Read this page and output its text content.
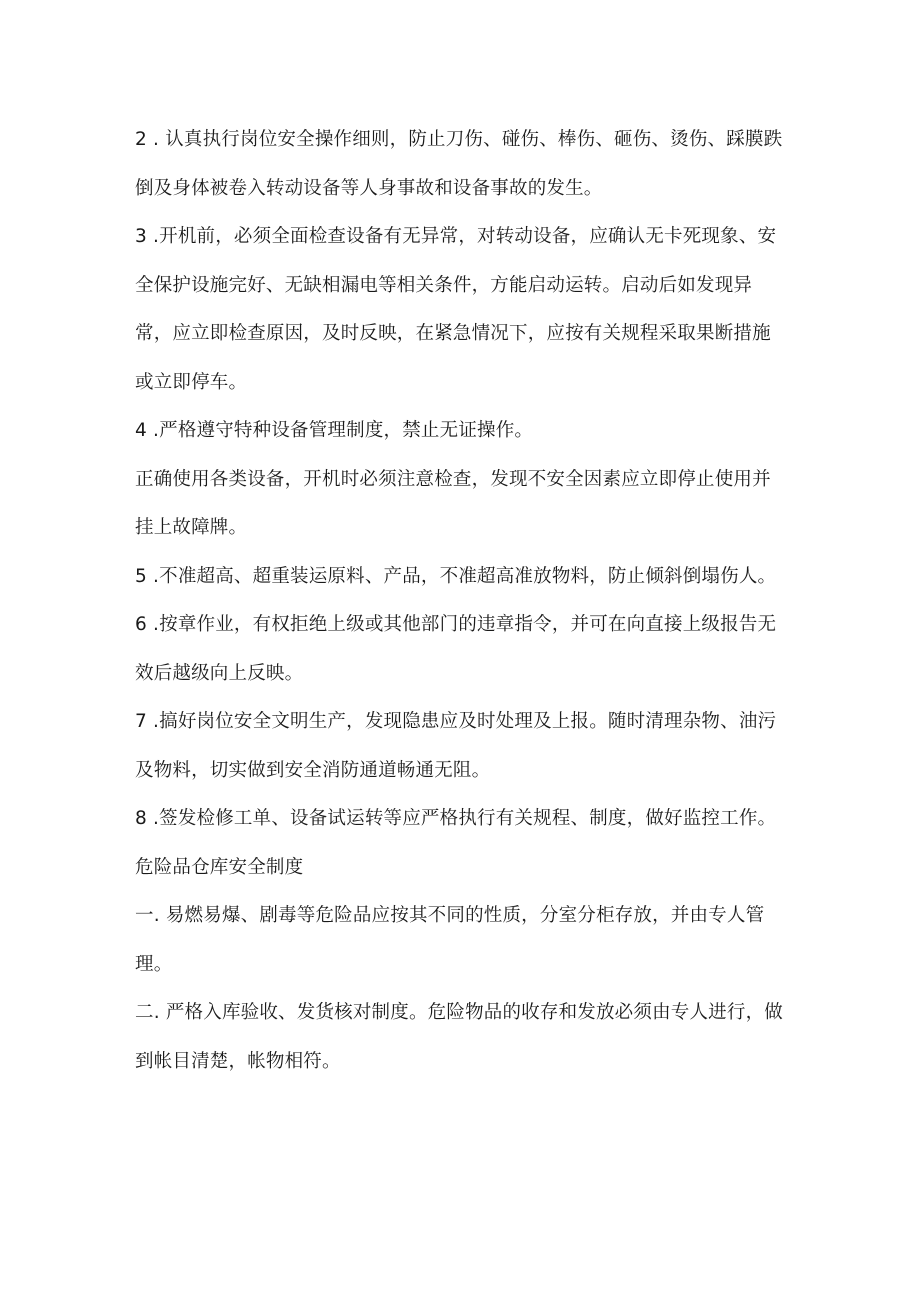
2 . 认真执行岗位安全操作细则，防止刀伤、碰伤、棒伤、砸伤、烫伤、踩膜跌倒及身体被卷入转动设备等人身事故和设备事故的发生。

3 .开机前，必须全面检查设备有无异常，对转动设备，应确认无卡死现象、安全保护设施完好、无缺相漏电等相关条件，方能启动运转。启动后如发现异常，应立即检查原因，及时反映，在紧急情况下，应按有关规程采取果断措施或立即停车。

4 .严格遵守特种设备管理制度，禁止无证操作。

正确使用各类设备，开机时必须注意检查，发现不安全因素应立即停止使用并挂上故障牌。

5 .不准超高、超重装运原料、产品，不准超高准放物料，防止倾斜倒塌伤人。

6 .按章作业，有权拒绝上级或其他部门的违章指令，并可在向直接上级报告无效后越级向上反映。

7 .搞好岗位安全文明生产，发现隐患应及时处理及上报。随时清理杂物、油污及物料，切实做到安全消防通道畅通无阻。

8 .签发检修工单、设备试运转等应严格执行有关规程、制度，做好监控工作。

危险品仓库安全制度

一. 易燃易爆、剧毒等危险品应按其不同的性质，分室分柜存放，并由专人管理。

二. 严格入库验收、发货核对制度。危险物品的收存和发放必须由专人进行，做到帐目清楚，帐物相符。
